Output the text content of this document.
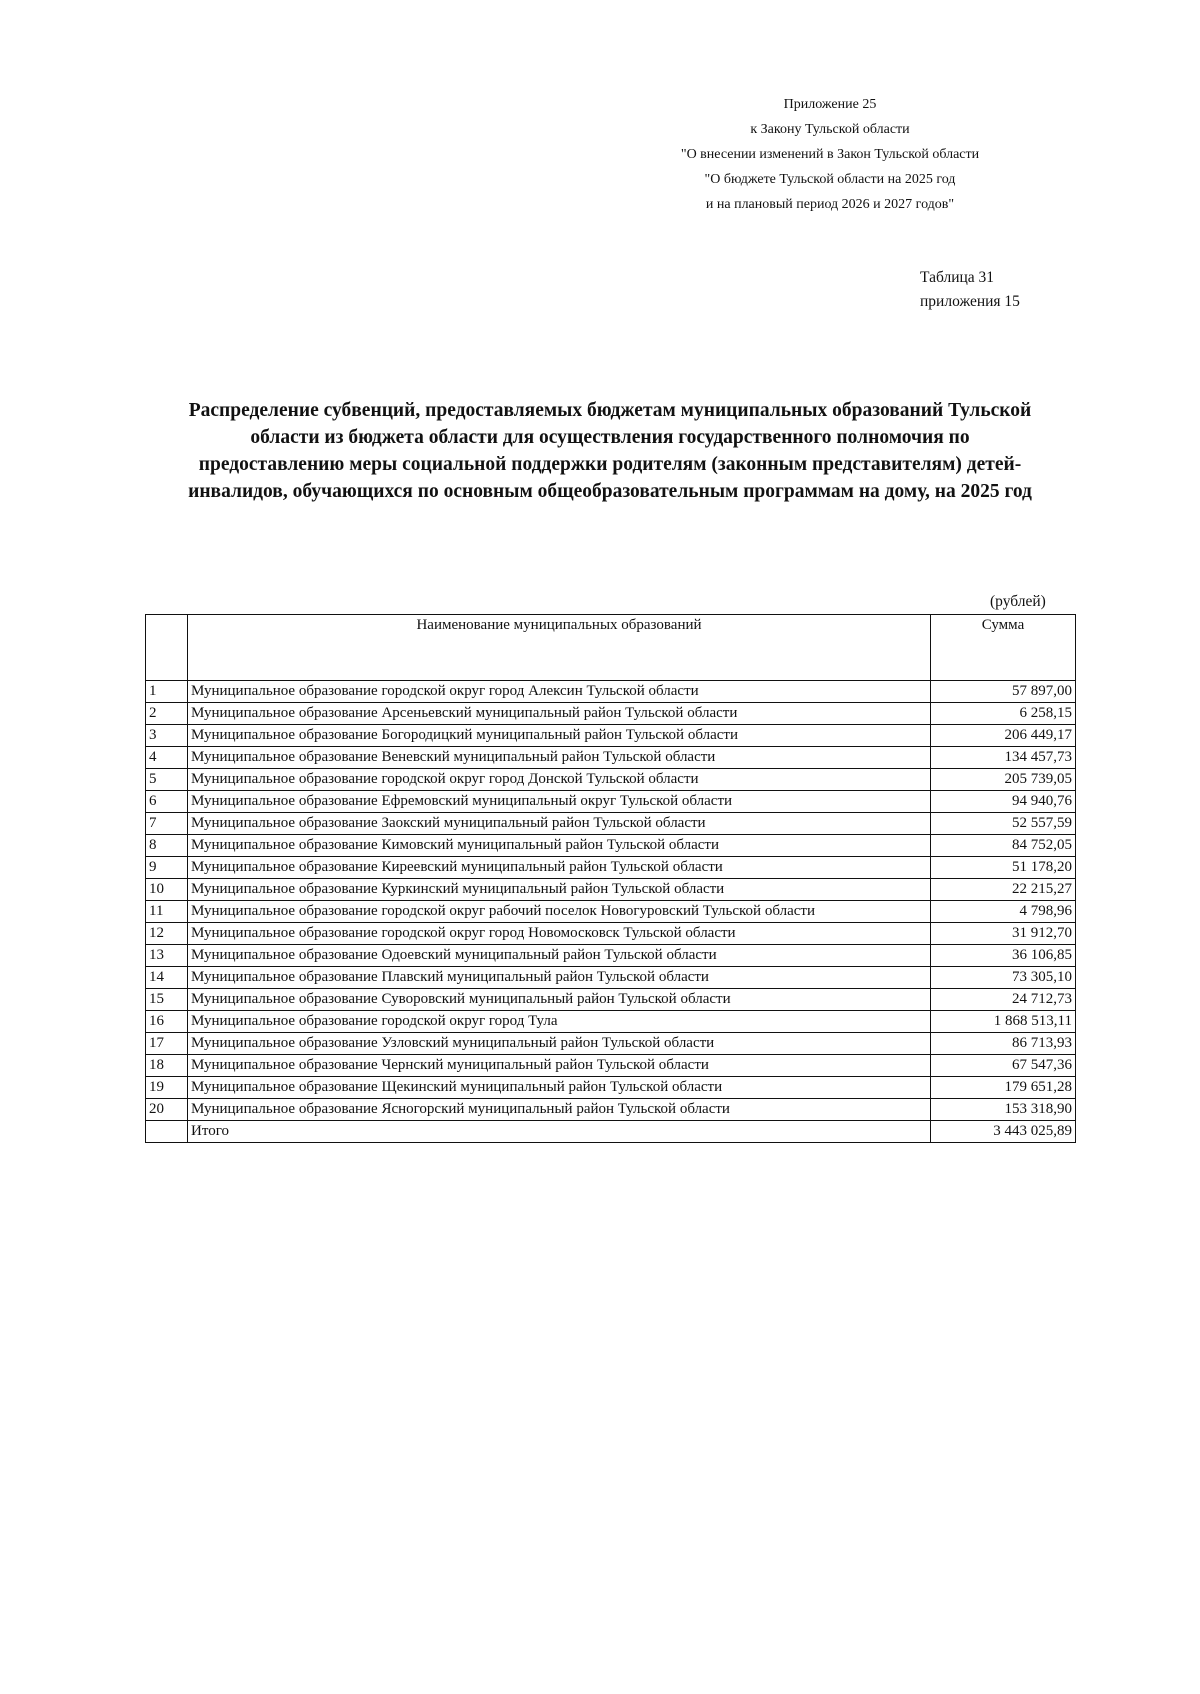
Приложение 25
к Закону Тульской области
"О внесении изменений в Закон Тульской области
"О бюджете Тульской области на 2025 год
и на плановый период 2026 и 2027 годов"
Таблица 31
приложения 15
Распределение субвенций, предоставляемых бюджетам муниципальных образований Тульской
области из бюджета области для осуществления государственного полномочия по
предоставлению меры социальной поддержки родителям (законным представителям) детей-
инвалидов, обучающихся по основным общеобразовательным программам на дому, на 2025 год
(рублей)
	Наименование муниципальных образований	Сумма
1	Муниципальное образование городской округ город Алексин Тульской области	57 897,00
2	Муниципальное образование Арсеньевский муниципальный район Тульской области	6 258,15
3	Муниципальное образование Богородицкий муниципальный район Тульской области	206 449,17
4	Муниципальное образование Веневский муниципальный район Тульской области	134 457,73
5	Муниципальное образование городской округ город Донской Тульской области	205 739,05
6	Муниципальное образование Ефремовский муниципальный округ Тульской области	94 940,76
7	Муниципальное образование Заокский муниципальный район Тульской области	52 557,59
8	Муниципальное образование Кимовский муниципальный район Тульской области	84 752,05
9	Муниципальное образование Киреевский муниципальный район Тульской области	51 178,20
10	Муниципальное образование Куркинский муниципальный район Тульской области	22 215,27
11	Муниципальное образование городской округ рабочий поселок Новогуровский Тульской области	4 798,96
12	Муниципальное образование городской округ город Новомосковск Тульской области	31 912,70
13	Муниципальное образование Одоевский муниципальный район Тульской области	36 106,85
14	Муниципальное образование Плавский муниципальный район Тульской области	73 305,10
15	Муниципальное образование Суворовский муниципальный район Тульской области	24 712,73
16	Муниципальное образование городской округ город Тула	1 868 513,11
17	Муниципальное образование Узловский муниципальный район Тульской области	86 713,93
18	Муниципальное образование Чернский муниципальный район Тульской области	67 547,36
19	Муниципальное образование Щекинский муниципальный район Тульской области	179 651,28
20	Муниципальное образование Ясногорский муниципальный район Тульской области	153 318,90
	Итого	3 443 025,89
